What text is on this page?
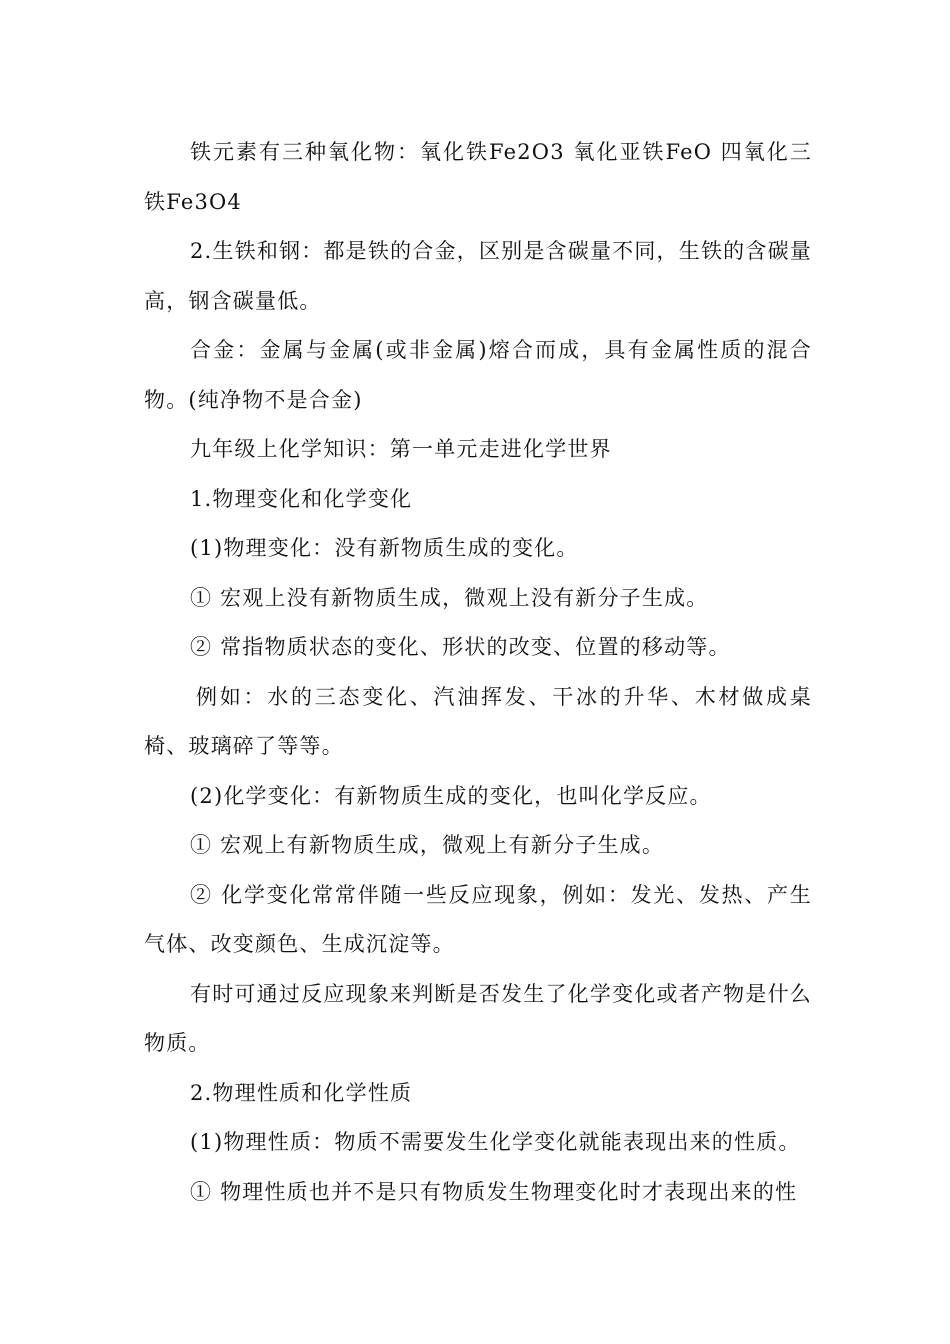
铁元素有三种氧化物：氧化铁Fe2O3 氧化亚铁FeO 四氧化三铁Fe3O4

2.生铁和钢：都是铁的合金，区别是含碳量不同，生铁的含碳量高，钢含碳量低。

合金：金属与金属(或非金属)熔合而成，具有金属性质的混合物。(纯净物不是合金)

九年级上化学知识：第一单元走进化学世界

1.物理变化和化学变化

(1)物理变化：没有新物质生成的变化。

① 宏观上没有新物质生成，微观上没有新分子生成。

② 常指物质状态的变化、形状的改变、位置的移动等。

例如：水的三态变化、汽油挥发、干冰的升华、木材做成桌椅、玻璃碎了等等。

(2)化学变化：有新物质生成的变化，也叫化学反应。

① 宏观上有新物质生成，微观上有新分子生成。

② 化学变化常常伴随一些反应现象，例如：发光、发热、产生气体、改变颜色、生成沉淀等。

有时可通过反应现象来判断是否发生了化学变化或者产物是什么物质。

2.物理性质和化学性质

(1)物理性质：物质不需要发生化学变化就能表现出来的性质。

① 物理性质也并不是只有物质发生物理变化时才表现出来的性
